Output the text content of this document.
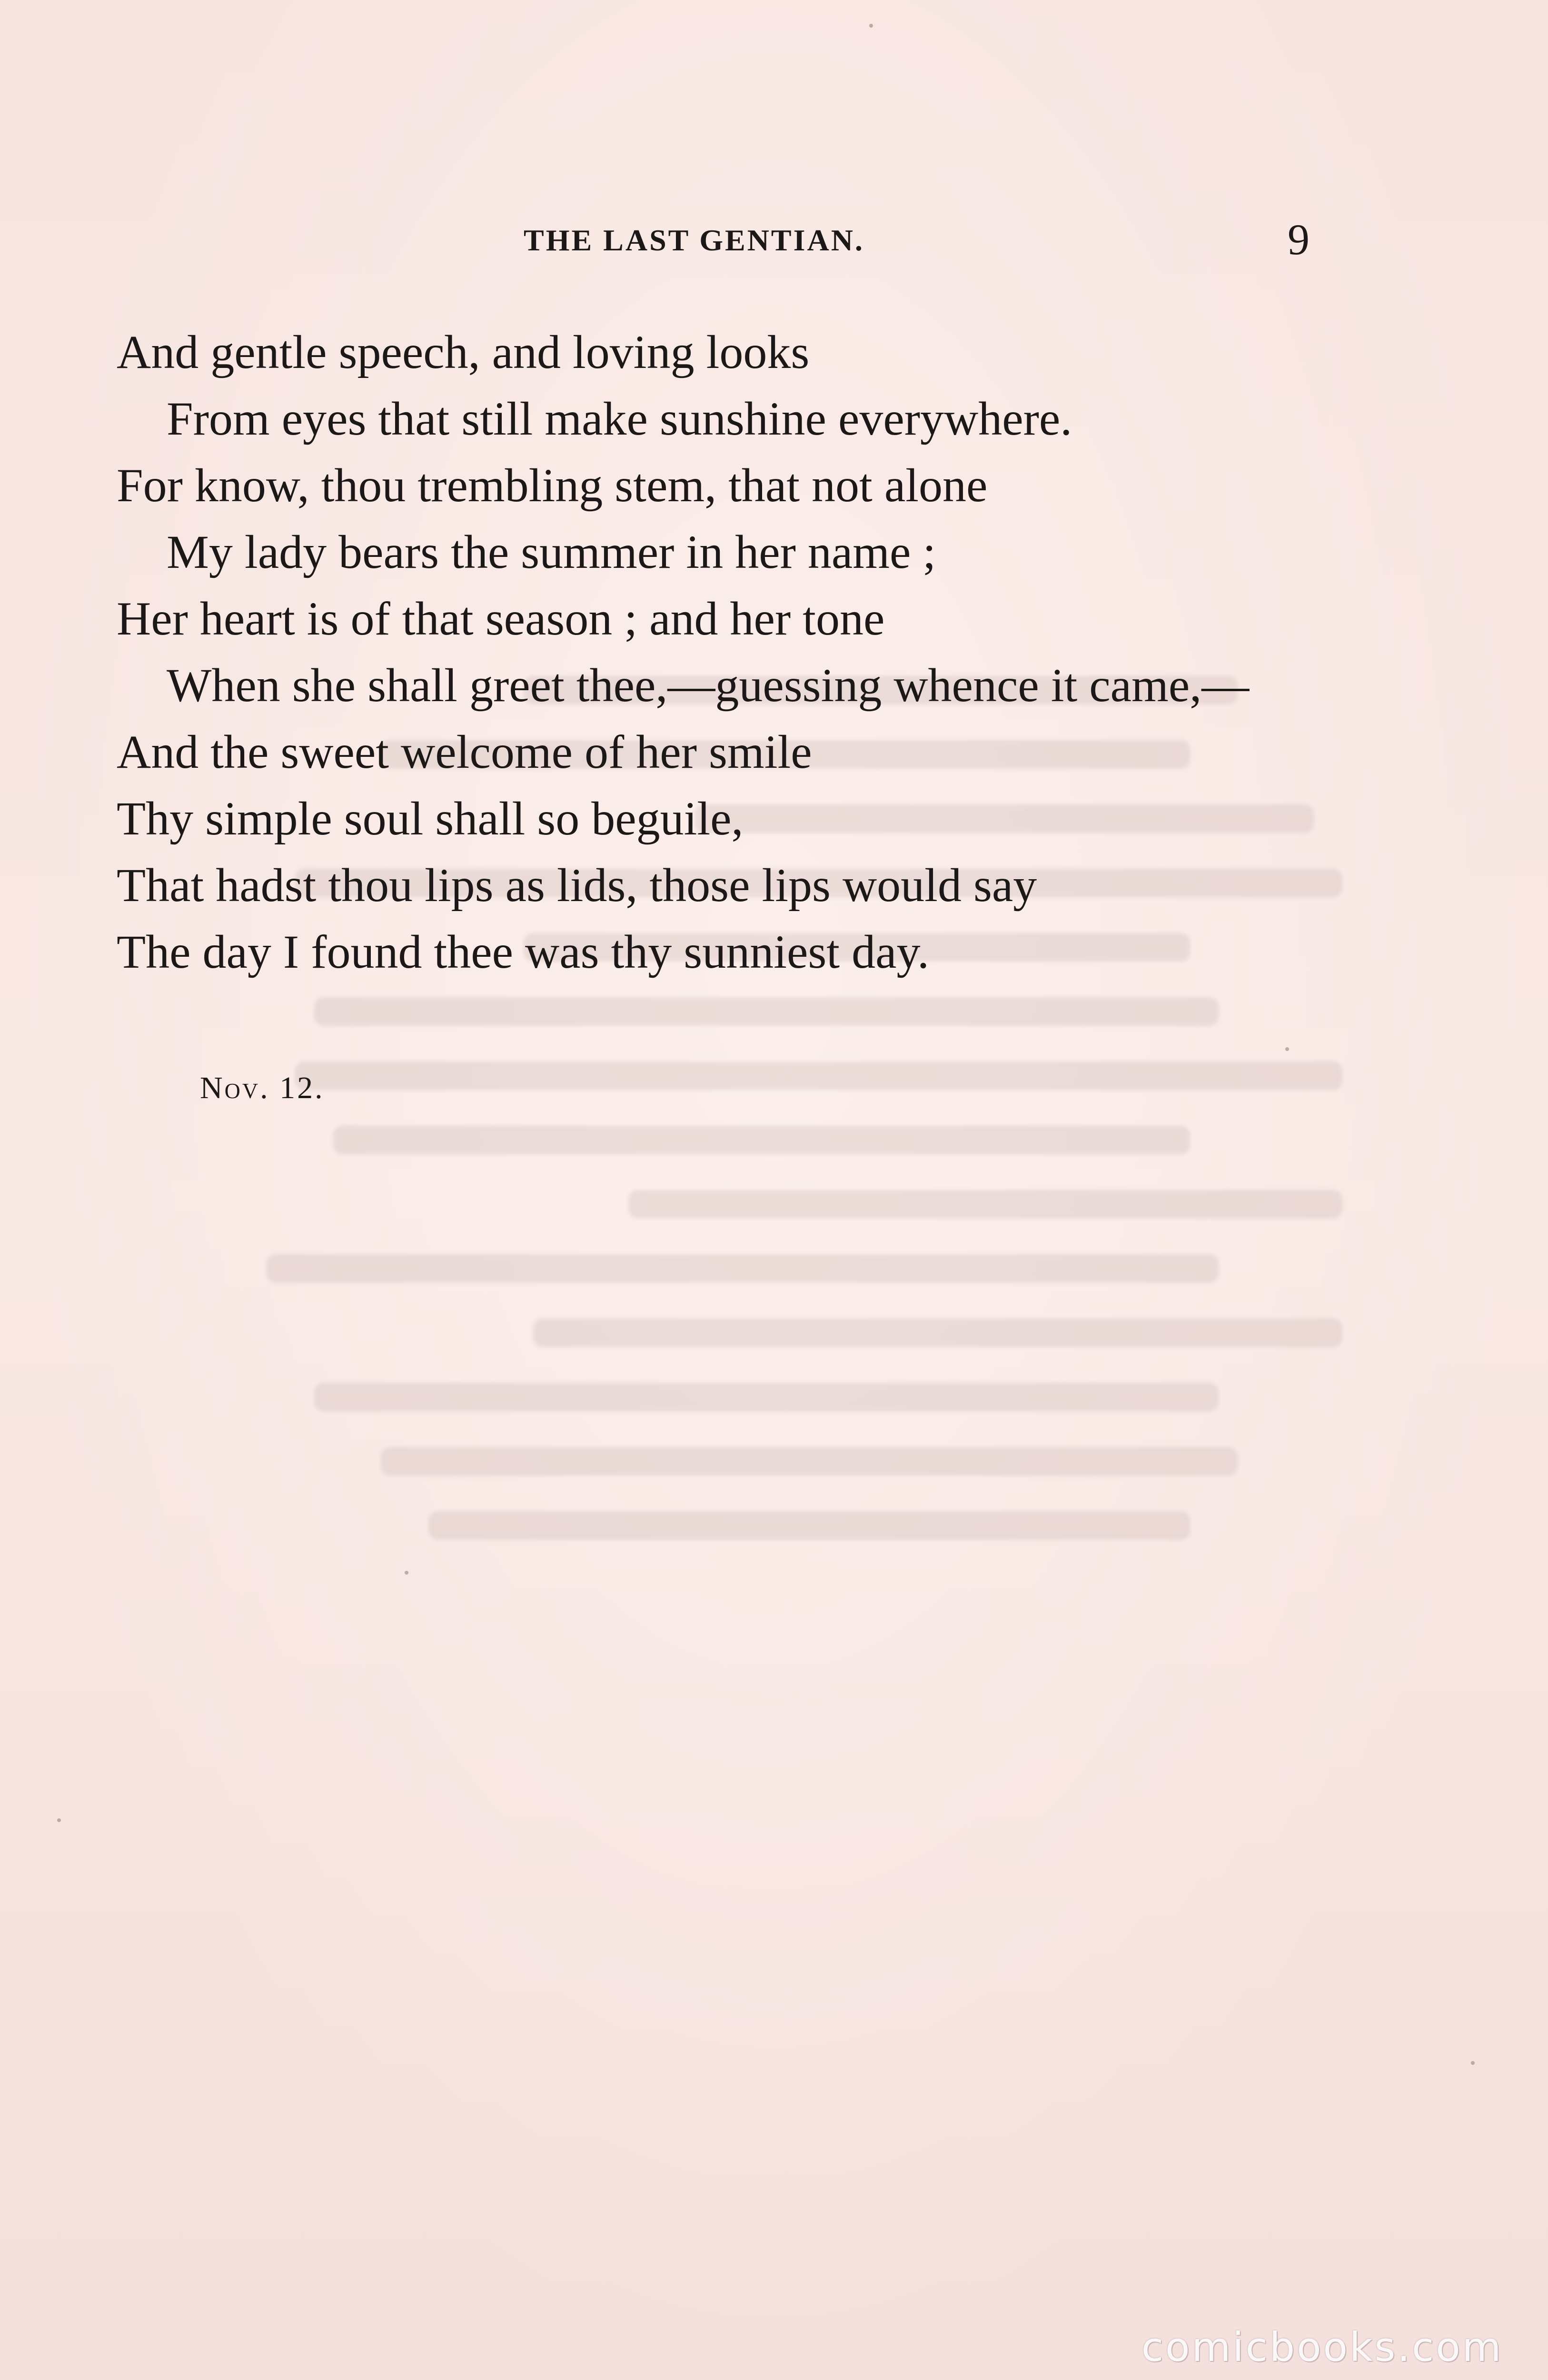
THE LAST GENTIAN.	9
And gentle speech, and loving looks
From eyes that still make sunshine everywhere.
For know, thou trembling stem, that not alone
My lady bears the summer in her name ;
Her heart is of that season ; and her tone
When she shall greet thee,—guessing whence it came,—
And the sweet welcome of her smile
Thy simple soul shall so beguile,
That hadst thou lips as lids, those lips would say
The day I found thee was thy sunniest day.
Nov. 12.
comicbooks.com
